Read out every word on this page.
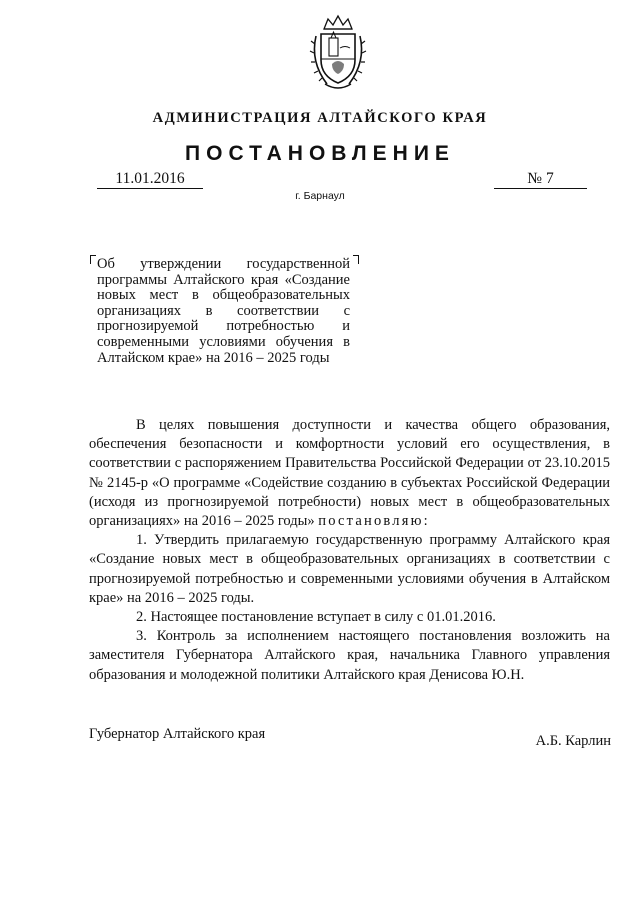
АДМИНИСТРАЦИЯ АЛТАЙСКОГО КРАЯ
ПОСТАНОВЛЕНИЕ
11.01.2016	№ 7
г. Барнаул
Об утверждении государственной программы Алтайского края «Создание новых мест в общеобразовательных организациях в соответствии с прогнозируемой потребностью и современными условиями обучения в Алтайском крае» на 2016 – 2025 годы

В целях повышения доступности и качества общего образования, обеспечения безопасности и комфортности условий его осуществления, в соответствии с распоряжением Правительства Российской Федерации от 23.10.2015 № 2145-р «О программе «Содействие созданию в субъектах Российской Федерации (исходя из прогнозируемой потребности) новых мест в общеобразовательных организациях» на 2016 – 2025 годы» постановляю:

1. Утвердить прилагаемую государственную программу Алтайского края «Создание новых мест в общеобразовательных организациях в соответствии с прогнозируемой потребностью и современными условиями обучения в Алтайском крае» на 2016 – 2025 годы.

2. Настоящее постановление вступает в силу с 01.01.2016.

3. Контроль за исполнением настоящего постановления возложить на заместителя Губернатора Алтайского края, начальника Главного управления образования и молодежной политики Алтайского края Денисова Ю.Н.

Губернатор Алтайского края	А.Б. Карлин
